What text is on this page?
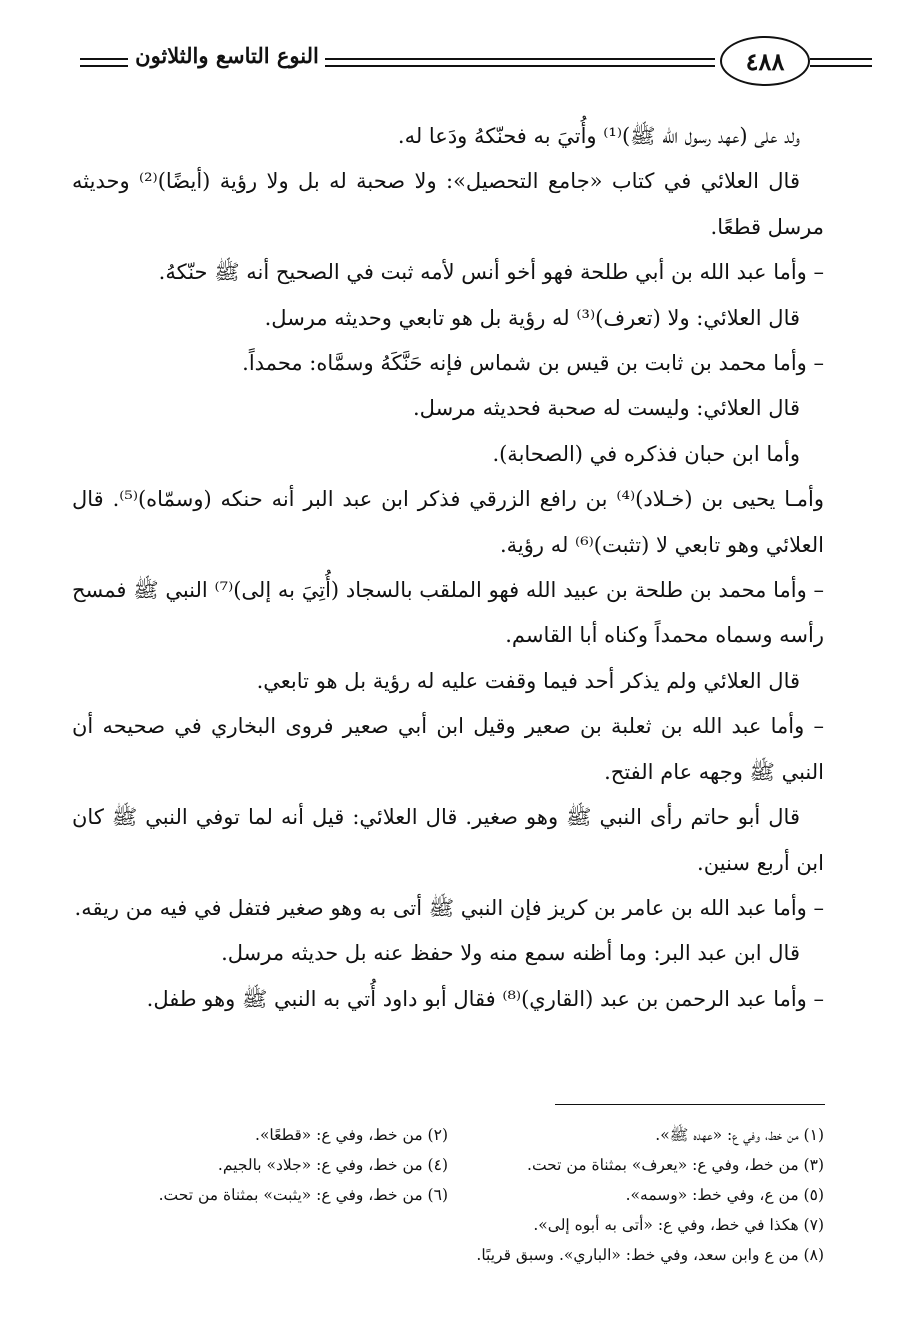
٤٨٨
النوع التاسع والثلاثون

ولد على (عهد رسول الله ﷺ)⁽¹⁾ وأُتيَ به فحنّكهُ ودَعا له.

قال العلائي في كتاب «جامع التحصيل»: ولا صحبة له بل ولا رؤية (أيضًا)⁽²⁾ وحديثه مرسل قطعًا.

– وأما عبد الله بن أبي طلحة فهو أخو أنس لأمه ثبت في الصحيح أنه ﷺ حنّكهُ.

قال العلائي: ولا (تعرف)⁽³⁾ له رؤية بل هو تابعي وحديثه مرسل.

– وأما محمد بن ثابت بن قيس بن شماس فإنه حَنَّكَهُ وسمَّاه: محمداً.

قال العلائي: وليست له صحبة فحديثه مرسل.

وأما ابن حبان فذكره في (الصحابة).

وأمـا يحيى بن (خـلاد)⁽⁴⁾ بن رافع الزرقي فذكر ابن عبد البر أنه حنكه (وسمّاه)⁽⁵⁾. قال العلائي وهو تابعي لا (تثبت)⁽⁶⁾ له رؤية.

– وأما محمد بن طلحة بن عبيد الله فهو الملقب بالسجاد (أُتِيَ به إلى)⁽⁷⁾ النبي ﷺ فمسح رأسه وسماه محمداً وكناه أبا القاسم.

قال العلائي ولم يذكر أحد فيما وقفت عليه له رؤية بل هو تابعي.

– وأما عبد الله بن ثعلبة بن صعير وقيل ابن أبي صعير فروى البخاري في صحيحه أن النبي ﷺ وجهه عام الفتح.

قال أبو حاتم رأى النبي ﷺ وهو صغير. قال العلائي: قيل أنه لما توفي النبي ﷺ كان ابن أربع سنين.

– وأما عبد الله بن عامر بن كريز فإن النبي ﷺ أتى به وهو صغير فتفل في فيه من ريقه.

قال ابن عبد البر: وما أظنه سمع منه ولا حفظ عنه بل حديثه مرسل.

– وأما عبد الرحمن بن عبد (القاري)⁽⁸⁾ فقال أبو داود أُتي به النبي ﷺ وهو طفل.

(١) من خط، وفي ع: «عهده ﷺ».
(٢) من خط، وفي ع: «قطعًا».
(٣) من خط، وفي ع: «يعرف» بمثناة من تحت.
(٤) من خط، وفي ع: «جلاد» بالجيم.
(٥) من ع، وفي خط: «وسمه».
(٦) من خط، وفي ع: «يثبت» بمثناة من تحت.
(٧) هكذا في خط، وفي ع: «أتى به أبوه إلى».
(٨) من ع وابن سعد، وفي خط: «الباري». وسبق قريبًا.
